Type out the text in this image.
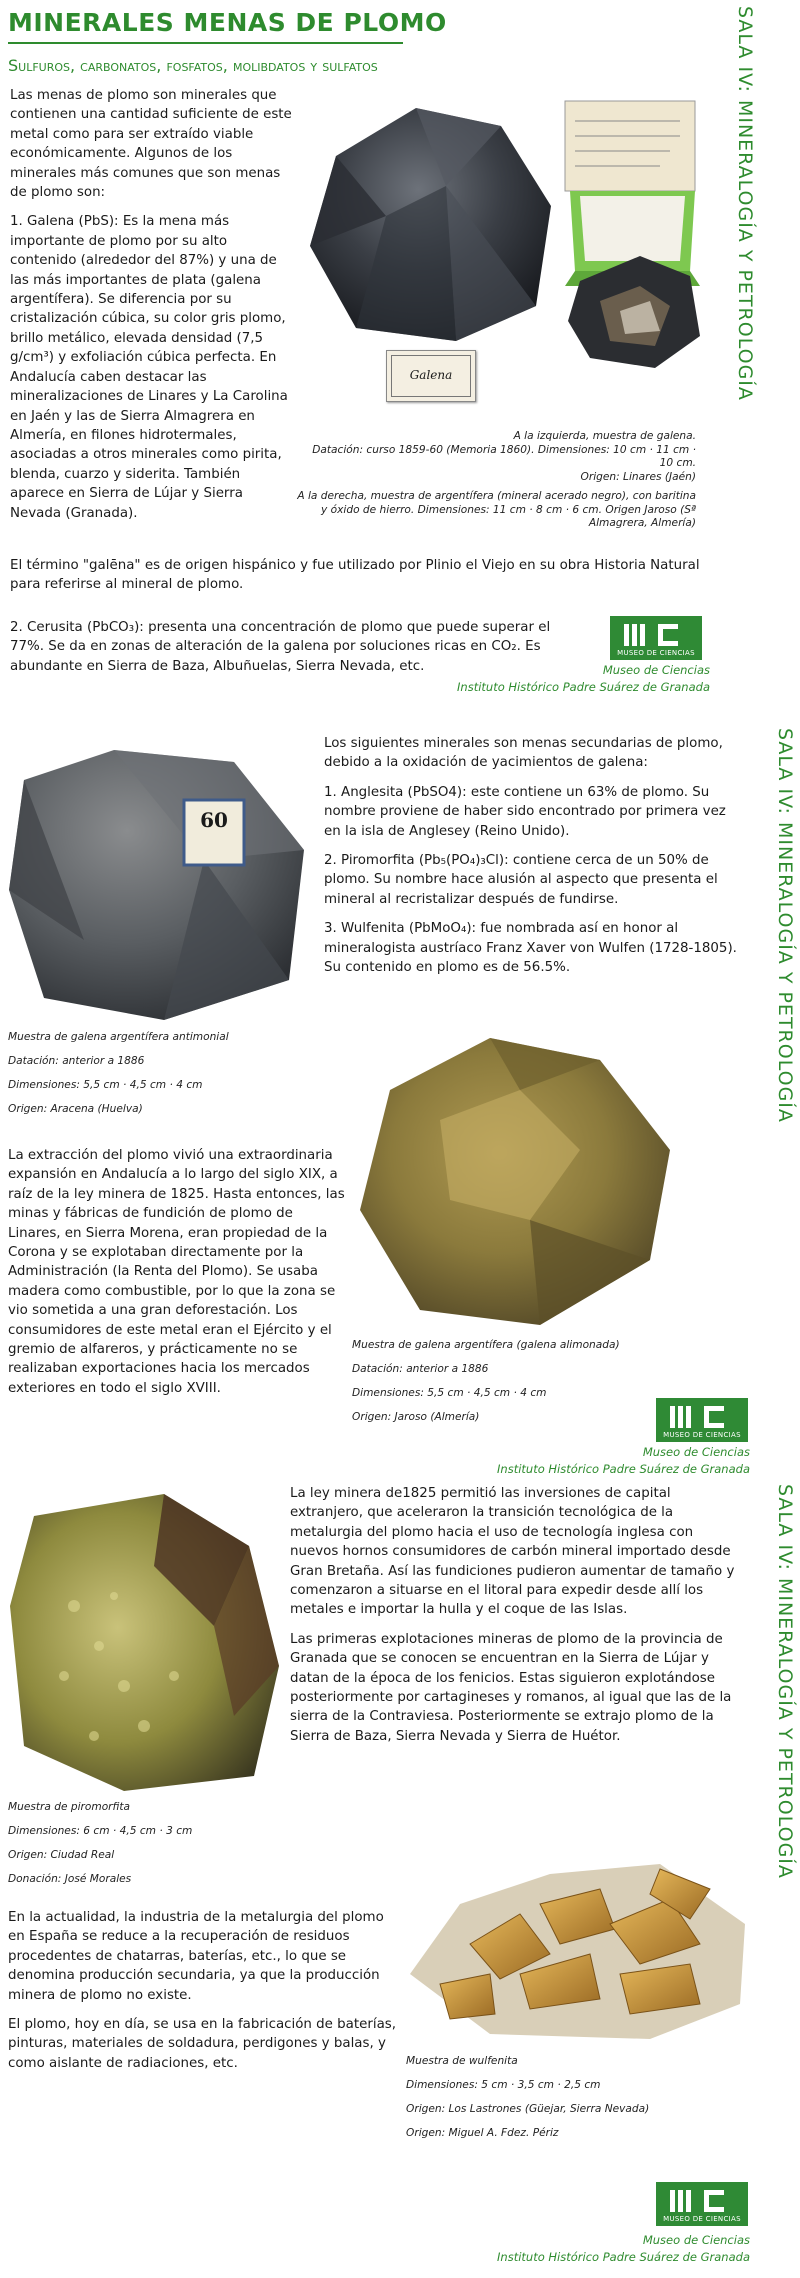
MINERALES MENAS DE PLOMO
Sulfuros, carbonatos, fosfatos, molibdatos y sulfatos	SALA IV: MINERALOGÍA Y PETROLOGÍA

Las menas de plomo son minerales que contienen una cantidad suficiente de este metal como para ser extraído viable económicamente. Algunos de los minerales más comunes que son menas de plomo son:

1. Galena (PbS): Es la mena más importante de plomo por su alto contenido (alrededor del 87%) y una de las más importantes de plata (galena argentífera). Se diferencia por su cristalización cúbica, su color gris plomo, brillo metálico, elevada densidad (7,5 g/cm³) y exfoliación cúbica perfecta. En Andalucía caben destacar las mineralizaciones de Linares y La Carolina en Jaén y las de Sierra Almagrera en Almería, en filones hidrotermales, asociadas a otros minerales como pirita, blenda, cuarzo y siderita. También aparece en Sierra de Lújar y Sierra Nevada (Granada).

Galena
A la izquierda, muestra de galena.
Datación: curso 1859-60 (Memoria 1860). Dimensiones: 10 cm · 11 cm · 10 cm.
Origen: Linares (Jaén)
A la derecha, muestra de argentífera (mineral acerado negro), con baritina y óxido de hierro. Dimensiones: 11 cm · 8 cm · 6 cm. Origen Jaroso (Sª Almagrera, Almería)
El término "galēna" es de origen hispánico y fue utilizado por Plinio el Viejo en su obra Historia Natural para referirse al mineral de plomo.
2. Cerusita (PbCO₃): presenta una concentración de plomo que puede superar el 77%. Se da en zonas de alteración de la galena por soluciones ricas en CO₂. Es abundante en Sierra de Baza, Albuñuelas, Sierra Nevada, etc.
MUSEO DE CIENCIAS
Museo de Ciencias
Instituto Histórico Padre Suárez de Granada
SALA IV: MINERALOGÍA Y PETROLOGÍA
60
Muestra de galena argentífera antimonial
Datación: anterior a 1886
Dimensiones: 5,5 cm · 4,5 cm · 4 cm
Origen: Aracena (Huelva)

Los siguientes minerales son menas secundarias de plomo, debido a la oxidación de yacimientos de galena:

1. Anglesita (PbSO4): este contiene un 63% de plomo. Su nombre proviene de haber sido encontrado por primera vez en la isla de Anglesey (Reino Unido).

2. Piromorfita (Pb₅(PO₄)₃Cl): contiene cerca de un 50% de plomo. Su nombre hace alusión al aspecto que presenta el mineral al recristalizar después de fundirse.

3. Wulfenita (PbMoO₄): fue nombrada así en honor al mineralogista austríaco Franz Xaver von Wulfen (1728-1805). Su contenido en plomo es de 56.5%.

La extracción del plomo vivió una extraordinaria expansión en Andalucía a lo largo del siglo XIX, a raíz de la ley minera de 1825. Hasta entonces, las minas y fábricas de fundición de plomo de Linares, en Sierra Morena, eran propiedad de la Corona y se explotaban directamente por la Administración (la Renta del Plomo). Se usaba madera como combustible, por lo que la zona se vio sometida a una gran deforestación. Los consumidores de este metal eran el Ejército y el gremio de alfareros, y prácticamente no se realizaban exportaciones hacia los mercados exteriores en todo el siglo XVIII.
Muestra de galena argentífera (galena alimonada)
Datación: anterior a 1886
Dimensiones: 5,5 cm · 4,5 cm · 4 cm
Origen: Jaroso (Almería)
MUSEO DE CIENCIAS
Museo de Ciencias
Instituto Histórico Padre Suárez de Granada
SALA IV: MINERALOGÍA Y PETROLOGÍA
Muestra de piromorfita
Dimensiones: 6 cm · 4,5 cm · 3 cm
Origen: Ciudad Real
Donación: José Morales

La ley minera de1825 permitió las inversiones de capital extranjero, que aceleraron la transición tecnológica de la metalurgia del plomo hacia el uso de tecnología inglesa con nuevos hornos consumidores de carbón mineral importado desde Gran Bretaña. Así las fundiciones pudieron aumentar de tamaño y comenzaron a situarse en el litoral para expedir desde allí los metales e importar la hulla y el coque de las Islas.

Las primeras explotaciones mineras de plomo de la provincia de Granada que se conocen se encuentran en la Sierra de Lújar y datan de la época de los fenicios. Estas siguieron explotándose posteriormente por cartagineses y romanos, al igual que las de la sierra de la Contraviesa. Posteriormente se extrajo plomo de la Sierra de Baza, Sierra Nevada y Sierra de Huétor.

En la actualidad, la industria de la metalurgia del plomo en España se reduce a la recuperación de residuos procedentes de chatarras, baterías, etc., lo que se denomina producción secundaria, ya que la producción minera de plomo no existe.

El plomo, hoy en día, se usa en la fabricación de baterías, pinturas, materiales de soldadura, perdigones y balas, y como aislante de radiaciones, etc.	Muestra de wulfenita
Dimensiones: 5 cm · 3,5 cm · 2,5 cm
Origen: Los Lastrones (Güejar, Sierra Nevada)
Origen: Miguel A. Fdez. Périz
MUSEO DE CIENCIAS
Museo de Ciencias
Instituto Histórico Padre Suárez de Granada
